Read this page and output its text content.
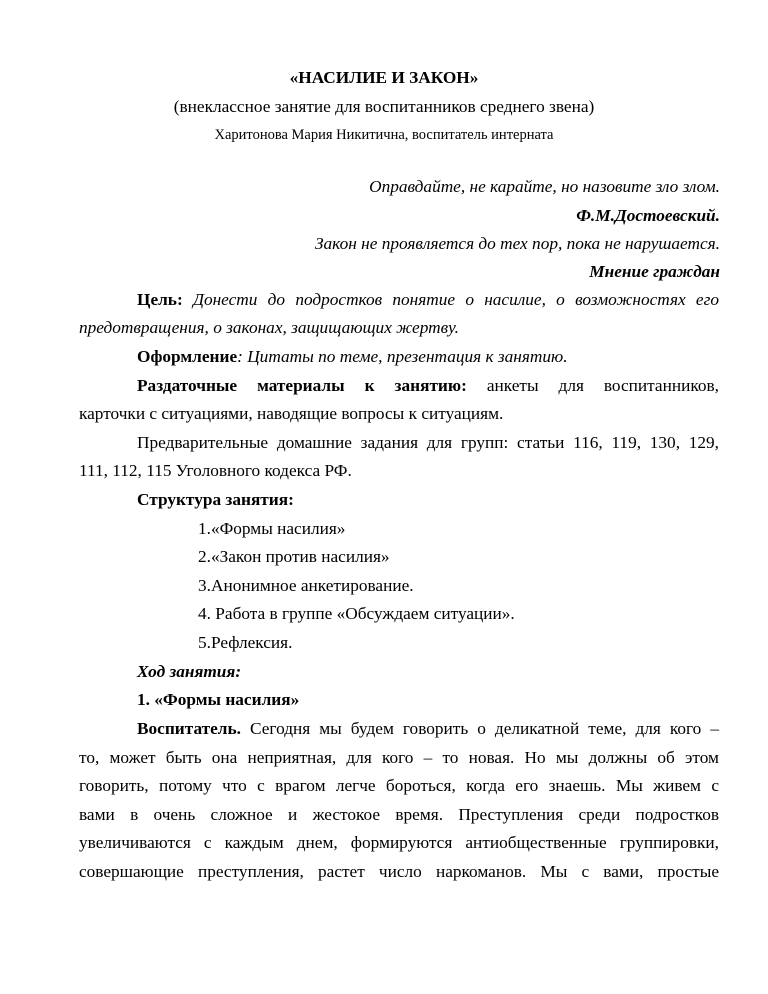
«НАСИЛИЕ И ЗАКОН»
(внеклассное занятие для воспитанников среднего звена)
Харитонова Мария Никитична, воспитатель интерната
Оправдайте, не карайте, но назовите зло злом.
Ф.М.Достоевский.
Закон не проявляется до тех пор, пока не нарушается.
Мнение граждан
Цель: Донести до подростков понятие о насилие, о возможностях его
предотвращения, о законах, защищающих жертву.
Оформление: Цитаты по теме, презентация к занятию.
Раздаточные материалы к занятию: анкеты для воспитанников,
карточки с ситуациями, наводящие вопросы к ситуациям.
Предварительные домашние задания для групп: статьи 116, 119, 130, 129,
111, 112, 115 Уголовного кодекса РФ.
Структура занятия:
1.«Формы насилия»
2.«Закон против насилия»
3.Анонимное анкетирование.
4. Работа в группе «Обсуждаем ситуации».
5.Рефлексия.
Ход занятия:
1. «Формы насилия»
Воспитатель. Сегодня мы будем говорить о деликатной теме, для кого –
то, может быть она неприятная, для кого – то новая. Но мы должны об этом
говорить, потому что с врагом легче бороться, когда его знаешь. Мы живем с
вами в очень сложное и жестокое время. Преступления среди подростков
увеличиваются с каждым днем, формируются антиобщественные группировки,
совершающие преступления, растет число наркоманов. Мы с вами, простые
